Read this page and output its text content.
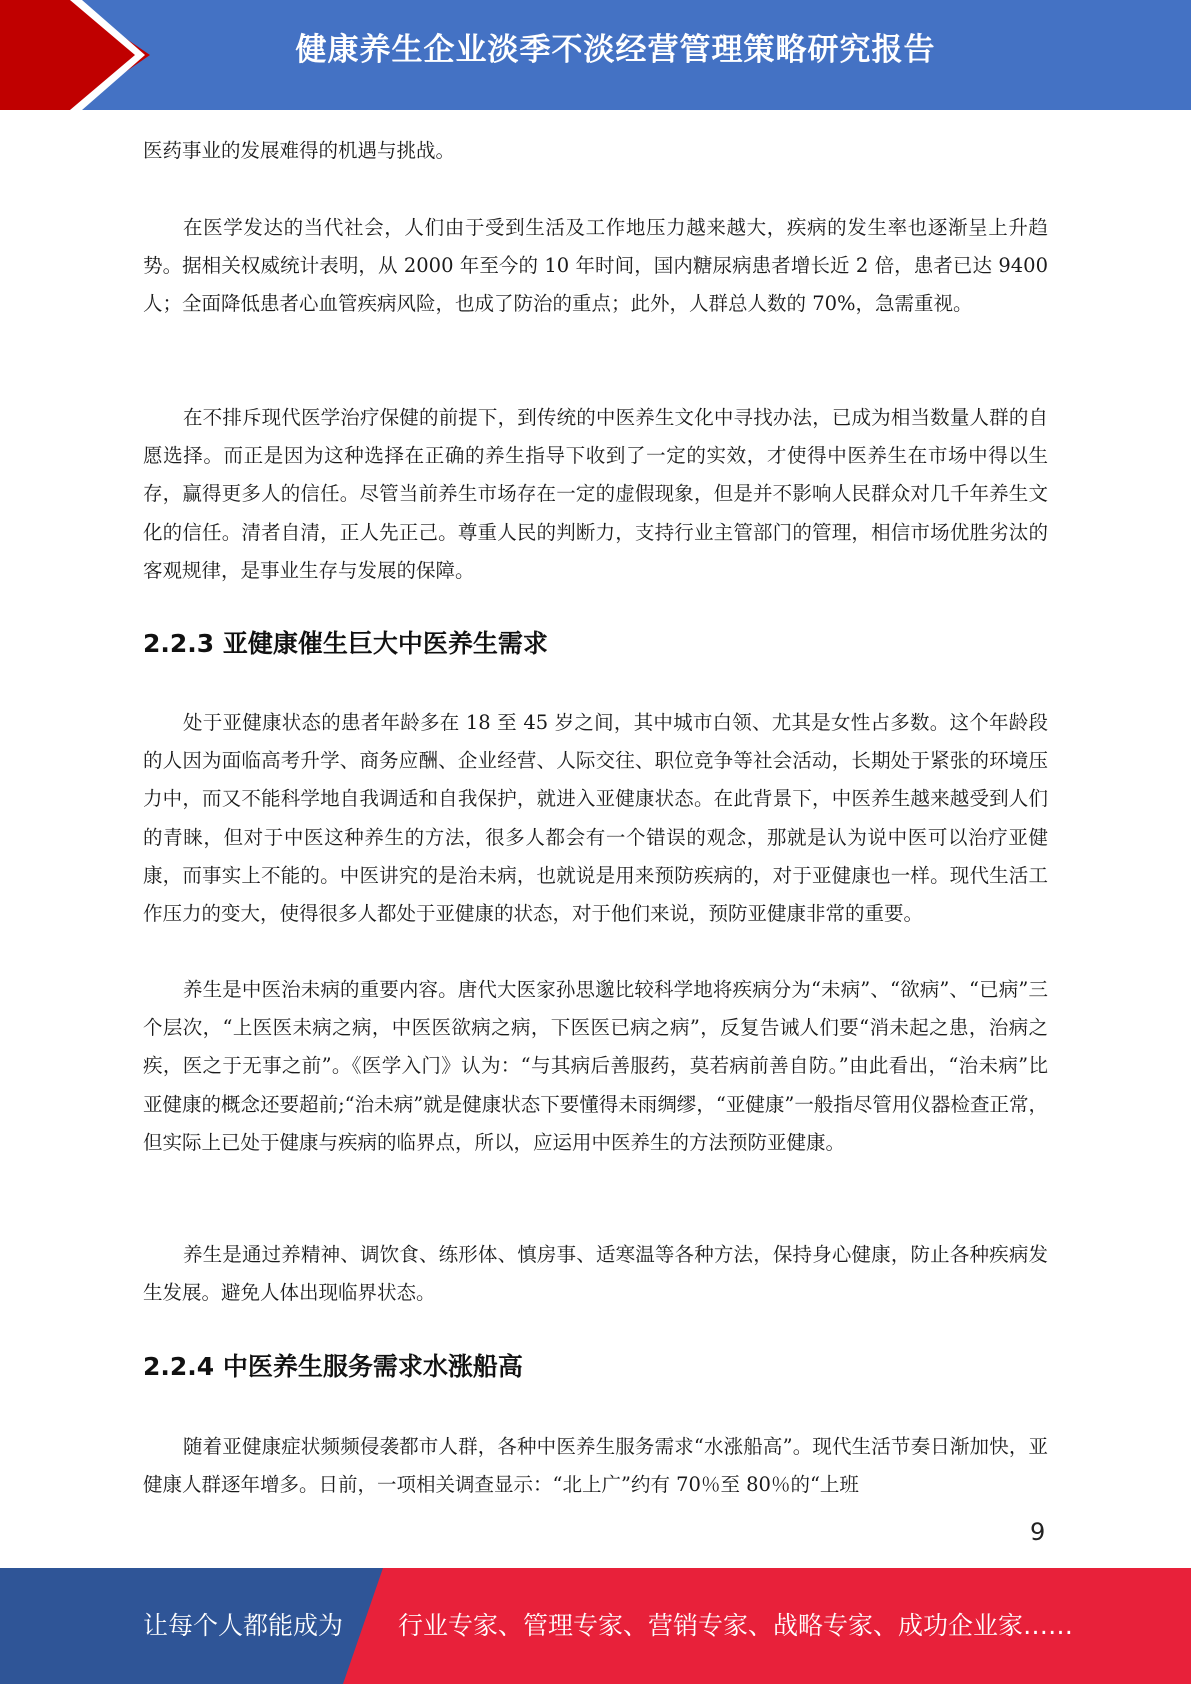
健康养生企业淡季不淡经营管理策略研究报告

医药事业的发展难得的机遇与挑战。

在医学发达的当代社会，人们由于受到生活及工作地压力越来越大，疾病的发生率也逐渐呈上升趋势。据相关权威统计表明，从 2000 年至今的 10 年时间，国内糖尿病患者增长近 2 倍，患者已达 9400 人；全面降低患者心血管疾病风险，也成了防治的重点；此外，人群总人数的 70%，急需重视。

在不排斥现代医学治疗保健的前提下，到传统的中医养生文化中寻找办法，已成为相当数量人群的自愿选择。而正是因为这种选择在正确的养生指导下收到了一定的实效，才使得中医养生在市场中得以生存，赢得更多人的信任。尽管当前养生市场存在一定的虚假现象，但是并不影响人民群众对几千年养生文化的信任。清者自清，正人先正己。尊重人民的判断力，支持行业主管部门的管理，相信市场优胜劣汰的客观规律，是事业生存与发展的保障。

2.2.3 亚健康催生巨大中医养生需求

处于亚健康状态的患者年龄多在 18 至 45 岁之间，其中城市白领、尤其是女性占多数。这个年龄段的人因为面临高考升学、商务应酬、企业经营、人际交往、职位竞争等社会活动，长期处于紧张的环境压力中，而又不能科学地自我调适和自我保护，就进入亚健康状态。在此背景下，中医养生越来越受到人们的青睐，但对于中医这种养生的方法，很多人都会有一个错误的观念，那就是认为说中医可以治疗亚健康，而事实上不能的。中医讲究的是治未病，也就说是用来预防疾病的，对于亚健康也一样。现代生活工作压力的变大，使得很多人都处于亚健康的状态，对于他们来说，预防亚健康非常的重要。

养生是中医治未病的重要内容。唐代大医家孙思邈比较科学地将疾病分为“未病”、“欲病”、“已病”三个层次，“上医医未病之病，中医医欲病之病，下医医已病之病”，反复告诫人们要“消未起之患，治病之疾，医之于无事之前”。《医学入门》认为：“与其病后善服药，莫若病前善自防。”由此看出，“治未病”比亚健康的概念还要超前;“治未病”就是健康状态下要懂得未雨绸缪，“亚健康”一般指尽管用仪器检查正常，但实际上已处于健康与疾病的临界点，所以，应运用中医养生的方法预防亚健康。

养生是通过养精神、调饮食、练形体、慎房事、适寒温等各种方法，保持身心健康，防止各种疾病发生发展。避免人体出现临界状态。

2.2.4 中医养生服务需求水涨船高

随着亚健康症状频频侵袭都市人群，各种中医养生服务需求“水涨船高”。现代生活节奏日渐加快，亚健康人群逐年增多。日前，一项相关调查显示：“北上广”约有 70％至 80％的“上班

9
让每个人都能成为 行业专家、管理专家、营销专家、战略专家、成功企业家……
